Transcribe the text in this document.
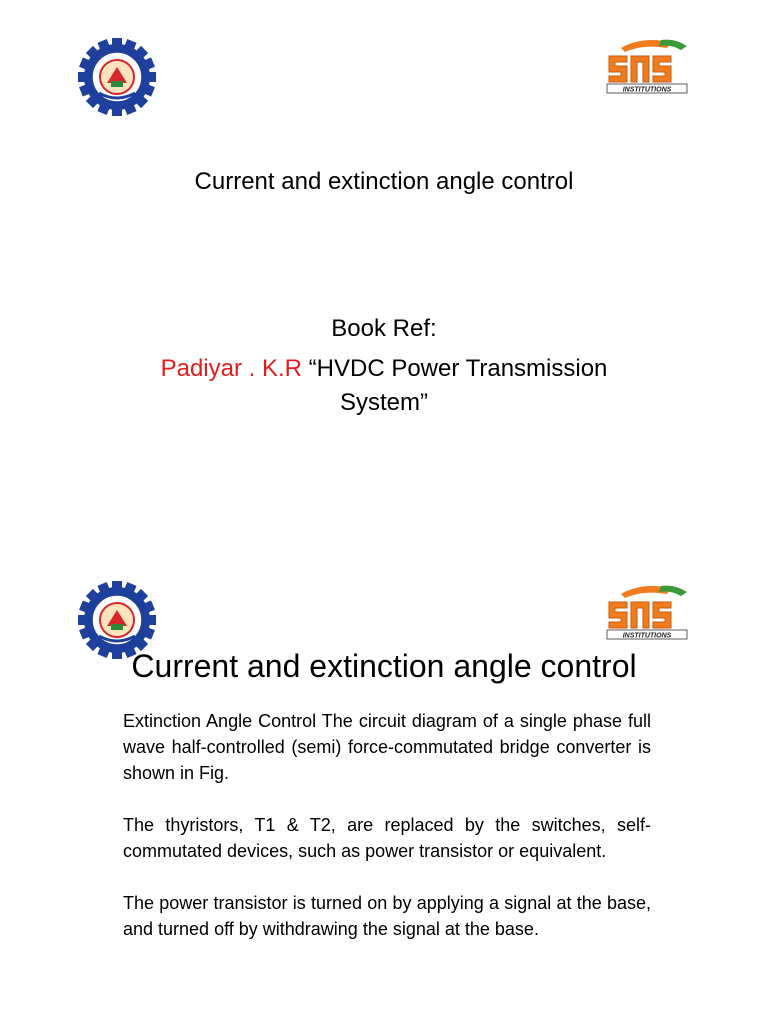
INSTITUTIONS
Current and extinction angle control
Book Ref:
Padiyar . K.R “HVDC Power Transmission
System”
INSTITUTIONS
Current and extinction angle control

Extinction Angle Control The circuit diagram of a single phase full wave half-controlled (semi) force-commutated bridge converter is shown in Fig.

The thyristors, T1 & T2, are replaced by the switches, self-commutated devices, such as power transistor or equivalent.

The power transistor is turned on by applying a signal at the base, and turned off by withdrawing the signal at the base.
